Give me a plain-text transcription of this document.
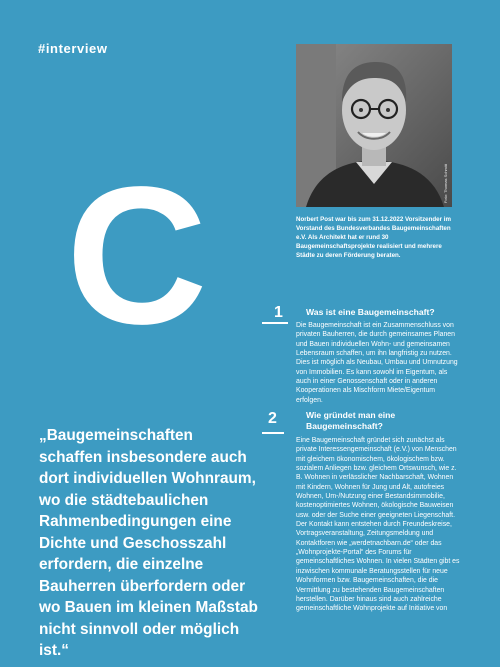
#interview
Foto: Thomas Schmitt
Norbert Post war bis zum 31.12.2022 Vorsitzender im Vorstand des Bundesverbandes Baugemeinschaften e.V. Als Architekt hat er rund 30 Baugemeinschaftsprojekte realisiert und mehrere Städte zu deren Förderung beraten.
C
„Baugemeinschaften schaffen insbesondere auch dort individuellen Wohnraum, wo die städtebaulichen Rahmenbedingungen eine Dichte und Geschosszahl erfordern, die einzelne Bauherren überfordern oder wo Bauen im kleinen Maßstab nicht sinnvoll oder möglich ist.“
1	Was ist eine Baugemeinschaft?
Die Baugemeinschaft ist ein Zusammenschluss von privaten Bauherren, die durch gemeinsames Planen und Bauen individuellen Wohn- und gemeinsamen Lebensraum schaffen, um ihn langfristig zu nutzen. Dies ist möglich als Neubau, Umbau und Umnutzung von Immobilien. Es kann sowohl im Eigentum, als auch in einer Genossenschaft oder in anderen Kooperationen als Mischform Miete/Eigentum erfolgen.
2	Wie gründet man eine Baugemeinschaft?
Eine Baugemeinschaft gründet sich zunächst als private Interessengemeinschaft (e.V.) von Menschen mit gleichem ökonomischem, ökologischem bzw. sozialem Anliegen bzw. gleichem Ortswunsch, wie z. B. Wohnen in verlässlicher Nachbarschaft, Wohnen mit Kindern, Wohnen für Jung und Alt, autofreies Wohnen, Um-/Nutzung einer Bestandsimmobilie, kostenoptimiertes Wohnen, ökologische Bauweisen usw. oder der Suche einer geeigneten Liegenschaft. Der Kontakt kann entstehen durch Freundeskreise, Vortragsveranstaltung, Zeitungsmeldung und Kontaktforen wie „werdetnachbarn.de“ oder das „Wohnprojekte-Portal“ des Forums für gemeinschaftliches Wohnen. In vielen Städten gibt es inzwischen kommunale Beratungsstellen für neue Wohnformen bzw. Baugemeinschaften, die die Vermittlung zu bestehenden Baugemeinschaften herstellen. Darüber hinaus sind auch zahlreiche gemeinschaftliche Wohnprojekte auf Initiative von
